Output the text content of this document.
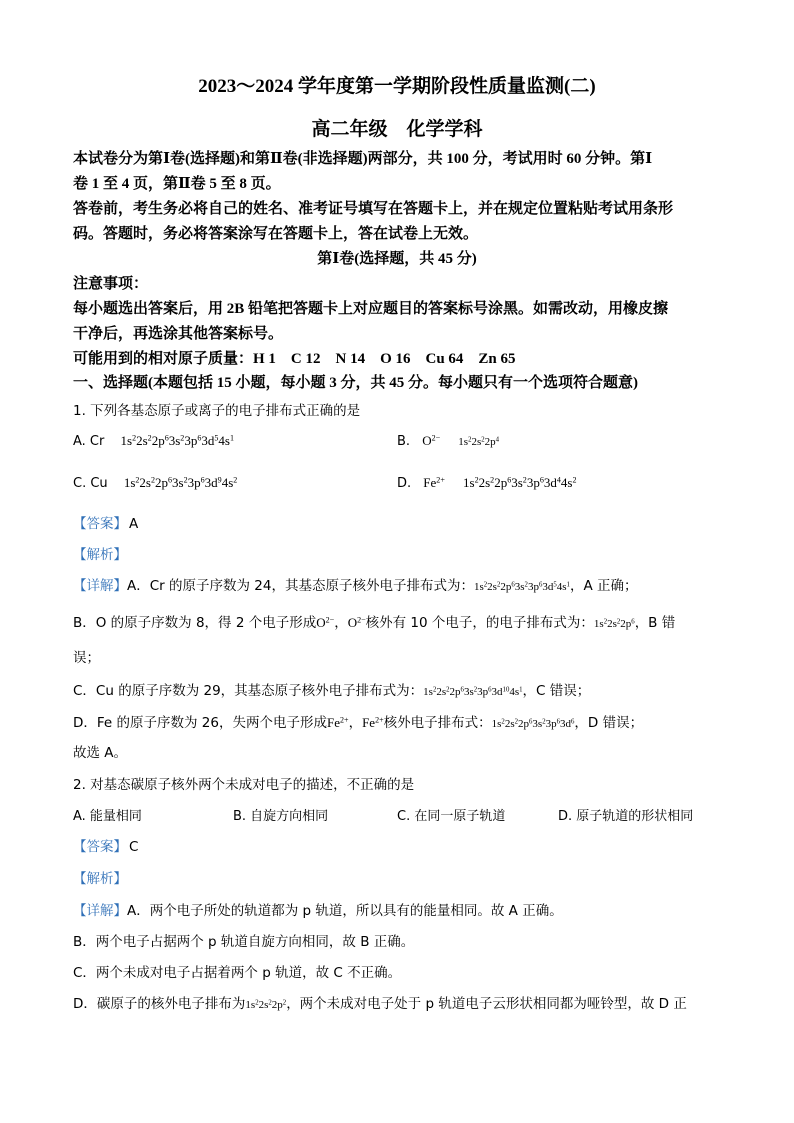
2023～2024 学年度第一学期阶段性质量监测(二)
高二年级　化学学科
本试卷分为第Ⅰ卷(选择题)和第Ⅱ卷(非选择题)两部分，共 100 分，考试用时 60 分钟。第Ⅰ
卷 1 至 4 页，第Ⅱ卷 5 至 8 页。
答卷前，考生务必将自己的姓名、准考证号填写在答题卡上，并在规定位置粘贴考试用条形
码。答题时，务必将答案涂写在答题卡上，答在试卷上无效。
第Ⅰ卷(选择题，共 45 分)
注意事项：
每小题选出答案后，用 2B 铅笔把答题卡上对应题目的答案标号涂黑。如需改动，用橡皮擦
干净后，再选涂其他答案标号。
可能用到的相对原子质量：H 1　C 12　N 14　O 16　Cu 64　Zn 65
一、选择题(本题包括 15 小题，每小题 3 分，共 45 分。每小题只有一个选项符合题意)
1. 下列各基态原子或离子的电子排布式正确的是
A. Cr $1s^22s^22p^63s^23p^63d^54s^1$	B. $O^{2-}$ $1s^22s^22p^4$
C. Cu $1s^22s^22p^63s^23p^63d^94s^2$	D. $Fe^{2+}$ $1s^22s^22p^63s^23p^63d^44s^2$
【答案】 A
【解析】
【详解】A．Cr 的原子序数为 24，其基态原子核外电子排布式为：$1s^22s^22p^63s^23p^63d^54s^1$，A 正确；
B．O 的原子序数为 8，得 2 个电子形成$O^{2-}$，$O^{2-}$核外有 10 个电子，的电子排布式为：$1s^22s^22p^6$，B 错
误；
C．Cu 的原子序数为 29，其基态原子核外电子排布式为：$1s^22s^22p^63s^23p^63d^{10}4s^1$，C 错误；
D．Fe 的原子序数为 26，失两个电子形成$Fe^{2+}$，$Fe^{2+}$核外电子排布式：$1s^22s^22p^63s^23p^63d^6$，D 错误；
故选 A。
2. 对基态碳原子核外两个未成对电子的描述，不正确的是
A. 能量相同	B. 自旋方向相同	C. 在同一原子轨道	D. 原子轨道的形状相同
【答案】 C
【解析】
【详解】A．两个电子所处的轨道都为 p 轨道，所以具有的能量相同。故 A 正确。
B．两个电子占据两个 p 轨道自旋方向相同，故 B 正确。
C．两个未成对电子占据着两个 p 轨道，故 C 不正确。
D．碳原子的核外电子排布为$1s^22s^22p^2$，两个未成对电子处于 p 轨道电子云形状相同都为哑铃型，故 D 正
